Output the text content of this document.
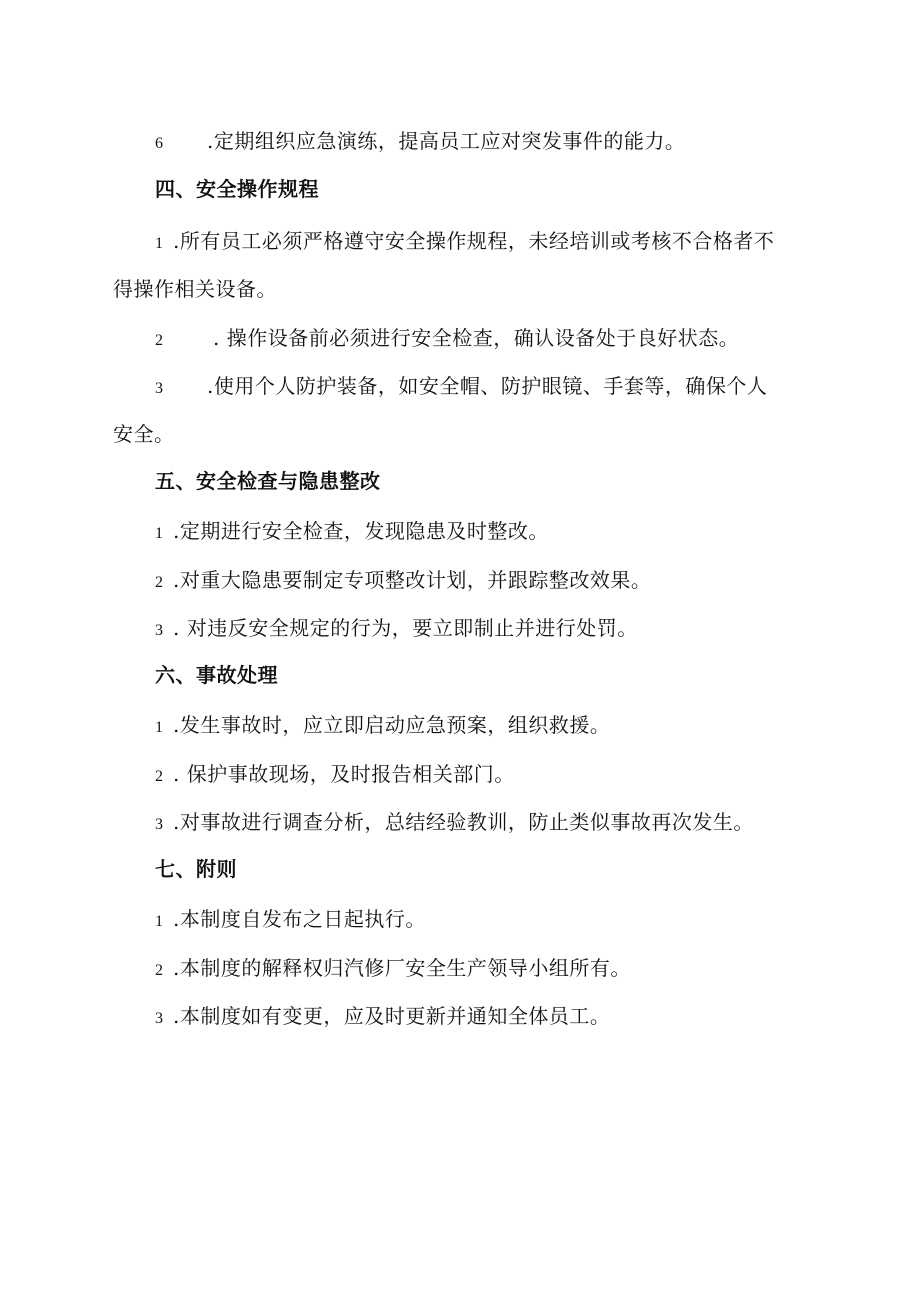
6 .定期组织应急演练，提高员工应对突发事件的能力。
四、安全操作规程
1 .所有员工必须严格遵守安全操作规程，未经培训或考核不合格者不
得操作相关设备。
2 . 操作设备前必须进行安全检查，确认设备处于良好状态。
3 .使用个人防护装备，如安全帽、防护眼镜、手套等，确保个人
安全。
五、安全检查与隐患整改
1 .定期进行安全检查，发现隐患及时整改。
2 .对重大隐患要制定专项整改计划，并跟踪整改效果。
3 . 对违反安全规定的行为，要立即制止并进行处罚。
六、事故处理
1 .发生事故时，应立即启动应急预案，组织救援。
2 . 保护事故现场，及时报告相关部门。
3 .对事故进行调查分析，总结经验教训，防止类似事故再次发生。
七、附则
1 .本制度自发布之日起执行。
2 .本制度的解释权归汽修厂安全生产领导小组所有。
3 .本制度如有变更，应及时更新并通知全体员工。
